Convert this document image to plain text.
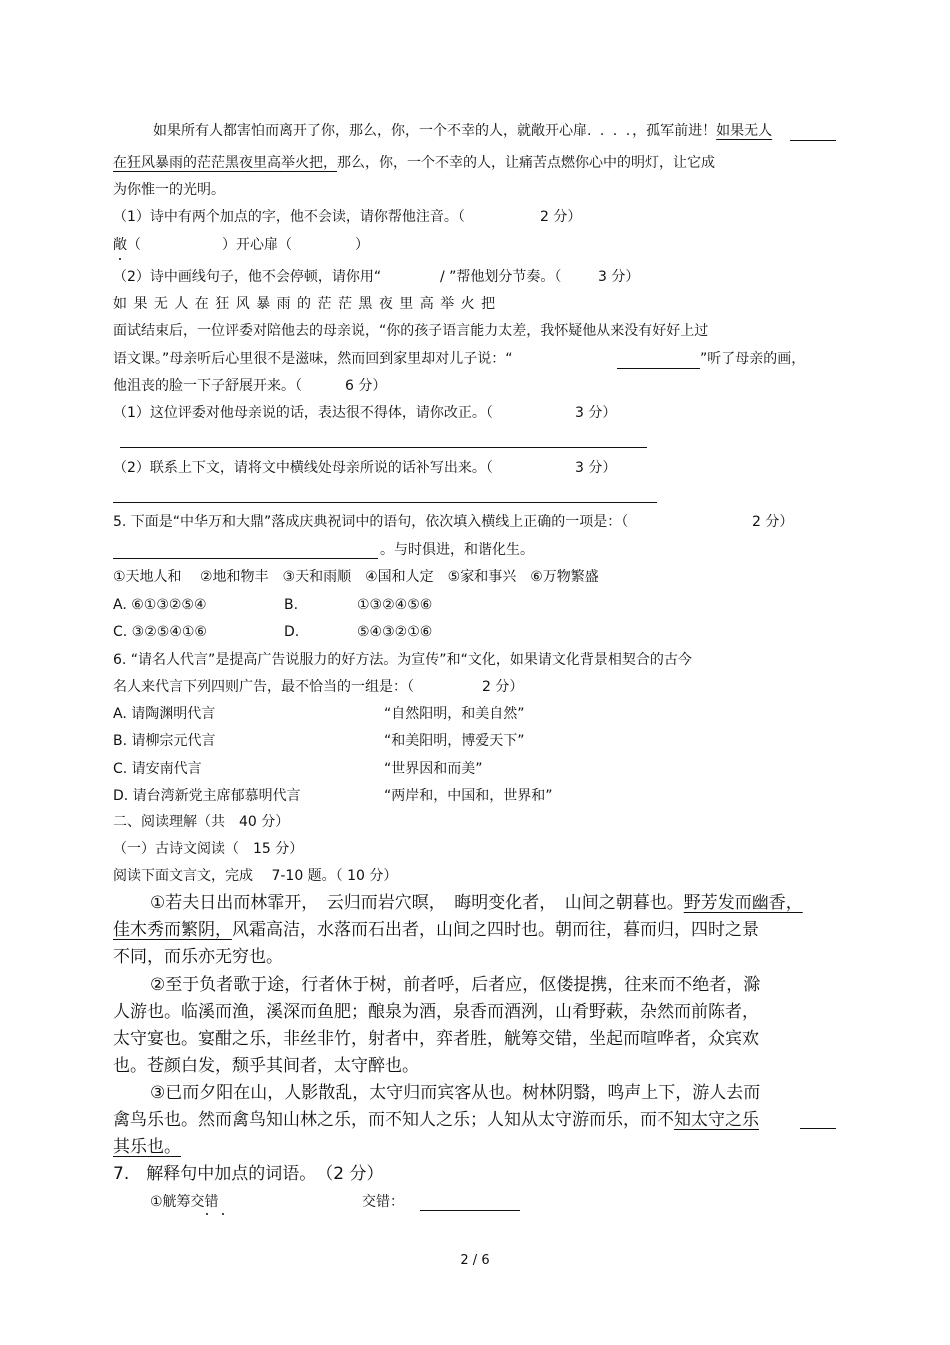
如果所有人都害怕而离开了你，那么，你，一个不幸的人，就敞开心扉. . . .，孤军前进！如果无人
在狂风暴雨的茫茫黑夜里高举火把，那么，你，一个不幸的人，让痛苦点燃你心中的明灯，让它成
为你惟一的光明。
（1）诗中有两个加点的字，他不会读，请你帮他注音。（	2 分）
敞（	）开心扉（	）
（2）诗中画线句子，他不会停顿，请你用“	/ ”帮他划分节奏。（	3 分）
如 果 无 人 在 狂 风 暴 雨 的 茫 茫 黑 夜 里 高 举 火 把
面试结束后，一位评委对陪他去的母亲说，“你的孩子语言能力太差，我怀疑他从来没有好好上过
语文课。”母亲听后心里很不是滋味，然而回到家里却对儿子说：“	”听了母亲的画，
他沮丧的脸一下子舒展开来。（	6 分）
（1）这位评委对他母亲说的话，表达很不得体，请你改正。（	3 分）
（2）联系上下文，请将文中横线处母亲所说的话补写出来。（	3 分）
5. 下面是“中华万和大鼎”落成庆典祝词中的语句，依次填入横线上正确的一项是：（	2 分）
。与时俱进，和谐化生。
①天地人和　 ②地和物丰　③天和雨顺　④国和人定　⑤家和事兴　⑥万物繁盛
A. ⑥①③②⑤④	B.	①③②④⑤⑥
C. ③②⑤④①⑥	D.	⑤④③②①⑥
6. “请名人代言”是提高广告说服力的好方法。为宣传”和“文化，如果请文化背景相契合的古今
名人来代言下列四则广告，最不恰当的一组是：（	2 分）
A. 请陶渊明代言	“自然阳明，和美自然”
B. 请柳宗元代言	“和美阳明，博爱天下”
C. 请安南代言	“世界因和而美”
D. 请台湾新党主席郁慕明代言	“两岸和，中国和，世界和”
二、阅读理解（共　40 分）
（一）古诗文阅读（　15 分）
阅读下面文言文，完成　 7-10 题。（ 10 分）
①若夫日出而林霏开，　云归而岩穴暝，　晦明变化者，　山间之朝暮也。野芳发而幽香，
佳木秀而繁阴，风霜高洁，水落而石出者，山间之四时也。朝而往，暮而归，四时之景
不同，而乐亦无穷也。
②至于负者歌于途，行者休于树，前者呼，后者应，伛偻提携，往来而不绝者，滁
人游也。临溪而渔，溪深而鱼肥；酿泉为酒，泉香而酒洌，山肴野蔌，杂然而前陈者，
太守宴也。宴酣之乐，非丝非竹，射者中，弈者胜，觥筹交错，坐起而喧哗者，众宾欢
也。苍颜白发，颓乎其间者，太守醉也。
③已而夕阳在山，人影散乱，太守归而宾客从也。树林阴翳，鸣声上下，游人去而
禽鸟乐也。然而禽鸟知山林之乐，而不知人之乐；人知从太守游而乐，而不知太守之乐
其乐也。
7.　解释句中加点的词语。　（2 分）
①觥筹交错	交错：
2 / 6
